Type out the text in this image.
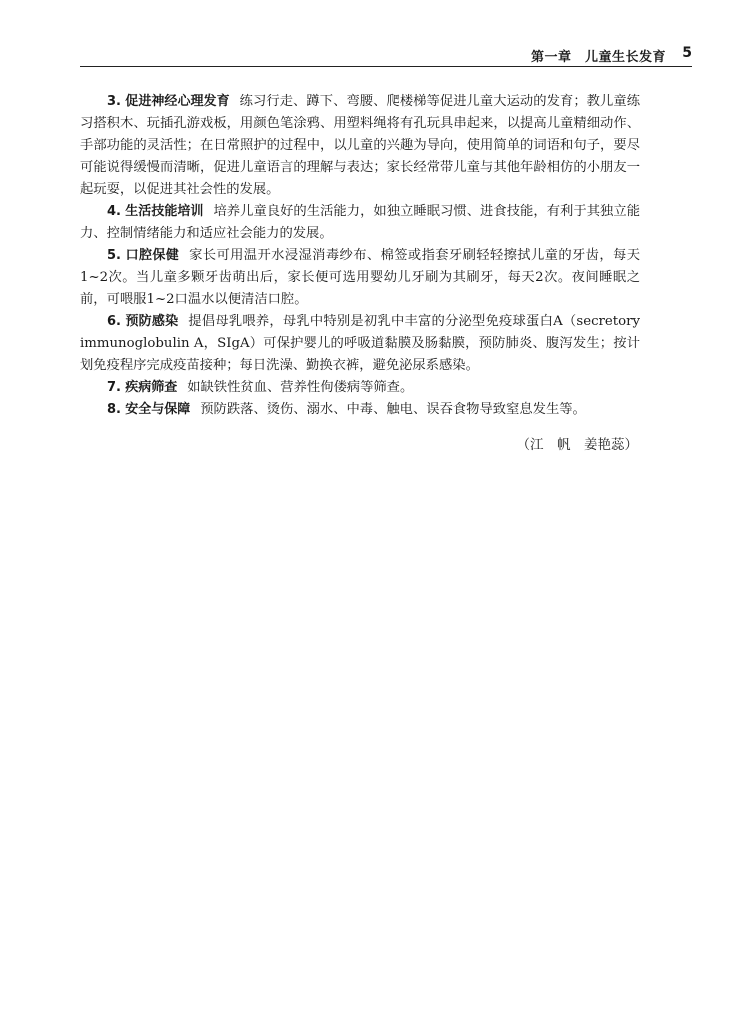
第一章　儿童生长发育 5

3. 促进神经心理发育 练习行走、蹲下、弯腰、爬楼梯等促进儿童大运动的发育；教儿童练习搭积木、玩插孔游戏板，用颜色笔涂鸦、用塑料绳将有孔玩具串起来，以提高儿童精细动作、手部功能的灵活性；在日常照护的过程中，以儿童的兴趣为导向，使用简单的词语和句子，要尽可能说得缓慢而清晰，促进儿童语言的理解与表达；家长经常带儿童与其他年龄相仿的小朋友一起玩耍，以促进其社会性的发展。

4. 生活技能培训 培养儿童良好的生活能力，如独立睡眠习惯、进食技能，有利于其独立能力、控制情绪能力和适应社会能力的发展。

5. 口腔保健 家长可用温开水浸湿消毒纱布、棉签或指套牙刷轻轻擦拭儿童的牙齿，每天1~2次。当儿童多颗牙齿萌出后，家长便可选用婴幼儿牙刷为其刷牙，每天2次。夜间睡眠之前，可喂服1~2口温水以便清洁口腔。

6. 预防感染 提倡母乳喂养，母乳中特别是初乳中丰富的分泌型免疫球蛋白A（secretory immunoglobulin A，SIgA）可保护婴儿的呼吸道黏膜及肠黏膜，预防肺炎、腹泻发生；按计划免疫程序完成疫苗接种；每日洗澡、勤换衣裤，避免泌尿系感染。

7. 疾病筛查 如缺铁性贫血、营养性佝偻病等筛查。

8. 安全与保障 预防跌落、烫伤、溺水、中毒、触电、误吞食物导致窒息发生等。

（江　帆　姜艳蕊）
